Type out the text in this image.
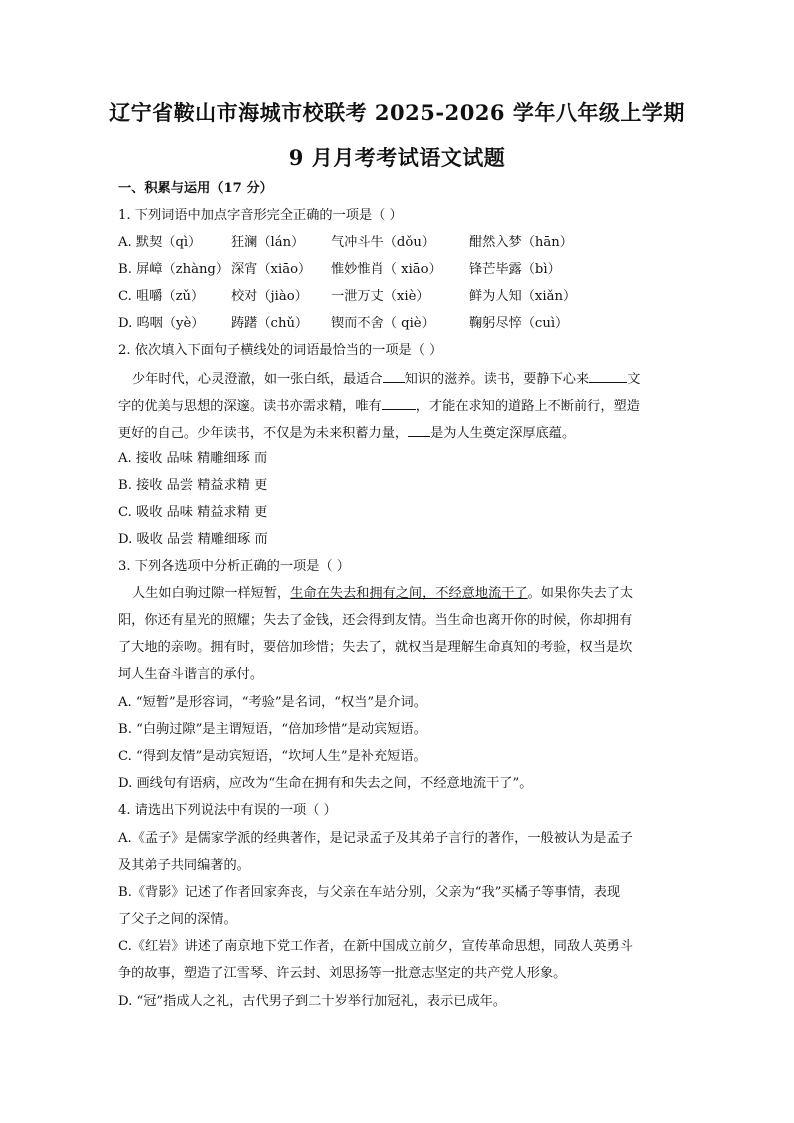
辽宁省鞍山市海城市校联考 2025-2026 学年八年级上学期
9 月月考考试语文试题
一、积累与运用（17 分）
1. 下列词语中加点字音形完全正确的一项是（ ）
A. 默契（qì） 狂澜（lán） 气冲斗牛（dǒu）	酣然入梦（hān）
B. 屏嶂（zhàng） 深宵（xiāo） 惟妙惟肖（ xiāo） 锋芒毕露（bì）
C. 咀嚼（zǔ） 校对（jiào） 一泄万丈（xiè）	鲜为人知（xiǎn）
D. 呜咽（yè） 踌躇（chǔ） 锲而不舍（ qiè）	鞠躬尽悴（cuì）
2. 依次填入下面句子横线处的词语最恰当的一项是（ ）
少年时代，心灵澄澈，如一张白纸，最适合 知识的滋养。读书，要静下心来	文
字的优美与思想的深邃。读书亦需求精，唯有	，才能在求知的道路上不断前行，塑造
更好的自己。少年读书，不仅是为未来积蓄力量， 是为人生奠定深厚底蕴。
A. 接收 品味 精雕细琢 而
B. 接收 品尝 精益求精 更
C. 吸收 品味 精益求精 更
D. 吸收 品尝 精雕细琢 而
3. 下列各选项中分析正确的一项是（ ）
人生如白驹过隙一样短暂，生命在失去和拥有之间，不经意地流干了。如果你失去了太
阳，你还有星光的照耀；失去了金钱，还会得到友情。当生命也离开你的时候，你却拥有
了大地的亲吻。拥有时，要倍加珍惜；失去了，就权当是理解生命真知的考验，权当是坎
坷人生奋斗谐言的承付。
A. “短暂”是形容词，“考验”是名词，“权当”是介词。
B. “白驹过隙”是主谓短语，“倍加珍惜”是动宾短语。
C. “得到友情”是动宾短语，“坎坷人生”是补充短语。
D. 画线句有语病，应改为“生命在拥有和失去之间，不经意地流干了”。
4. 请选出下列说法中有误的一项（ ）
A.《孟子》是儒家学派的经典著作，是记录孟子及其弟子言行的著作，一般被认为是孟子
及其弟子共同编著的。
B.《背影》记述了作者回家奔丧，与父亲在车站分别，父亲为“我”买橘子等事情，表现
了父子之间的深情。
C.《红岩》讲述了南京地下党工作者，在新中国成立前夕，宣传革命思想，同敌人英勇斗
争的故事，塑造了江雪琴、许云封、刘思扬等一批意志坚定的共产党人形象。
D. “冠”指成人之礼，古代男子到二十岁举行加冠礼，表示已成年。
